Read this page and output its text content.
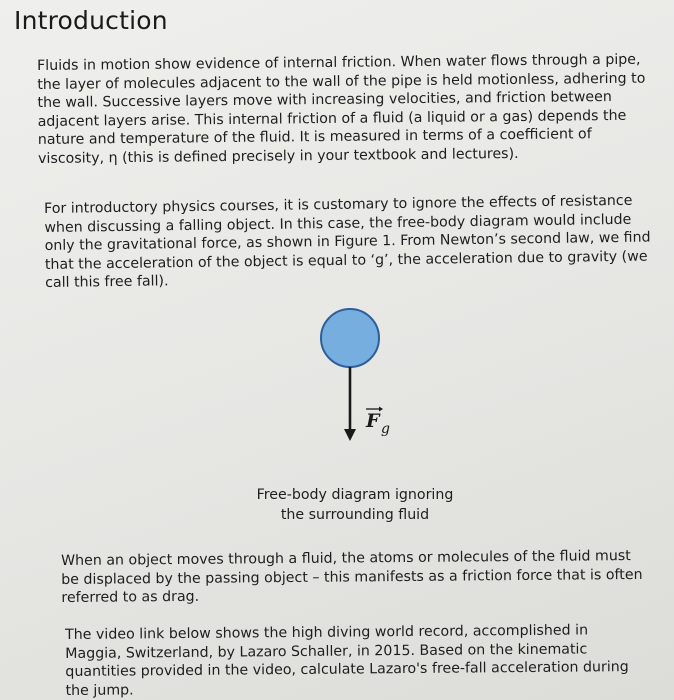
Introduction

Fluids in motion show evidence of internal friction. When water flows through a pipe, the layer of molecules adjacent to the wall of the pipe is held motionless, adhering to the wall. Successive layers move with increasing velocities, and friction between adjacent layers arise. This internal friction of a fluid (a liquid or a gas) depends the nature and temperature of the fluid. It is measured in terms of a coefficient of viscosity, η (this is defined precisely in your textbook and lectures).

For introductory physics courses, it is customary to ignore the effects of resistance when discussing a falling object. In this case, the free-body diagram would include only the gravitational force, as shown in Figure 1. From Newton’s second law, we find that the acceleration of the object is equal to ‘g’, the acceleration due to gravity (we call this free fall).

F g
Free-body diagram ignoring
the surrounding fluid

When an object moves through a fluid, the atoms or molecules of the fluid must be displaced by the passing object – this manifests as a friction force that is often referred to as drag.

The video link below shows the high diving world record, accomplished in Maggia, Switzerland, by Lazaro Schaller, in 2015. Based on the kinematic quantities provided in the video, calculate Lazaro's free-fall acceleration during the jump.
